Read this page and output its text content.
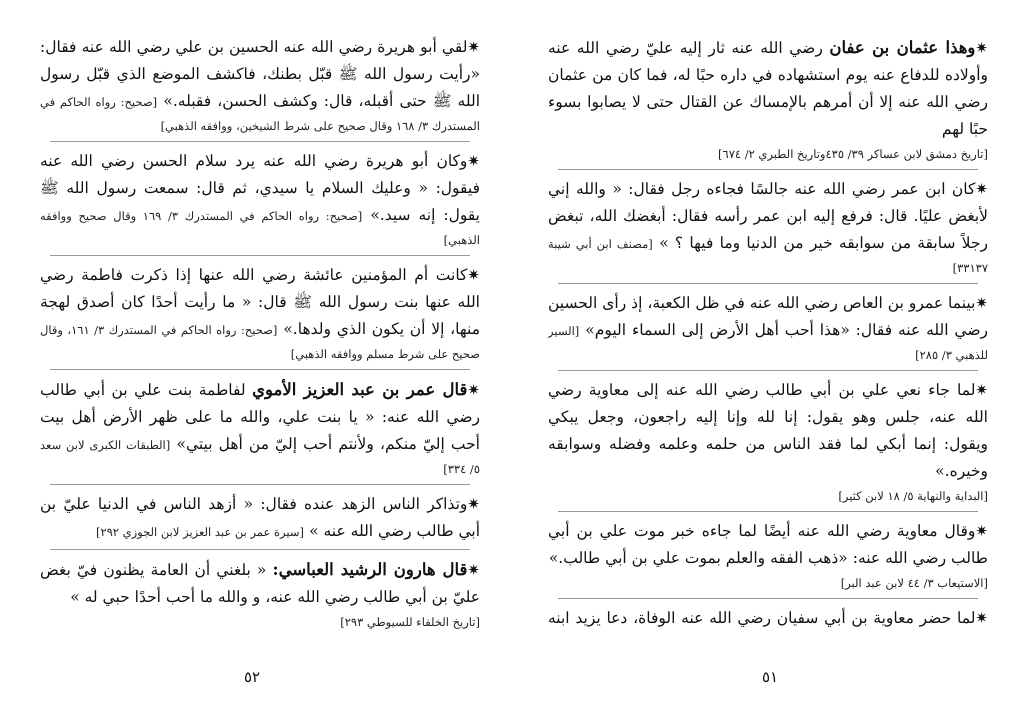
✷وهذا عثمان بن عفان رضي الله عنه ثار إليه عليّ رضي الله عنه وأولاده للدفاع عنه يوم استشهاده في داره حبًا له، فما كان من عثمان رضي الله عنه إلا أن أمرهم بالإمساك عن القتال حتى لا يصابوا بسوء حبًا لهم
[تاريخ دمشق لابن عساكر ٣٩/ ٤٣٥وتاريخ الطبري ٢/ ٦٧٤]
✷كان ابن عمر رضي الله عنه جالسًا فجاءه رجل فقال: « والله إني لأبغض عليًا. قال: فرفع إليه ابن عمر رأسه فقال: أبغضك الله، تبغض رجلاً سابقة من سوابقه خير من الدنيا وما فيها ؟ » [مصنف ابن أبي شيبة ٣٣١٣٧]
✷بينما عمرو بن العاص رضي الله عنه في ظل الكعبة، إذ رأى الحسين رضي الله عنه فقال: «هذا أحب أهل الأرض إلى السماء اليوم» [السير للذهبي ٣/ ٢٨٥]
✷لما جاء نعي علي بن أبي طالب رضي الله عنه إلى معاوية رضي الله عنه، جلس وهو يقول: إنا لله وإنا إليه راجعون، وجعل يبكي ويقول: إنما أبكي لما فقد الناس من حلمه وعلمه وفضله وسوابقه وخيره.»
[البداية والنهاية ٥/ ١٨ لابن كثير]
✷وقال معاوية رضي الله عنه أيضًا لما جاءه خبر موت علي بن أبي طالب رضي الله عنه: «ذهب الفقه والعلم بموت علي بن أبي طالب.»
[الاستيعاب ٣/ ٤٤ لابن عبد البر]
✷لما حضر معاوية بن أبي سفيان رضي الله عنه الوفاة، دعا يزيد ابنه
✷لقي أبو هريرة رضي الله عنه الحسين بن علي رضي الله عنه فقال: «رأيت رسول الله ﷺ قبّل بطنك، فاكشف الموضع الذي قبّل رسول الله ﷺ حتى أقبله، قال: وكشف الحسن، فقبله.» [صحيح: رواه الحاكم في المستدرك ٣/ ١٦٨ وقال صحيح على شرط الشيخين، ووافقه الذهبي]
✷وكان أبو هريرة رضي الله عنه يرد سلام الحسن رضي الله عنه فيقول: « وعليك السلام يا سيدي، ثم قال: سمعت رسول الله ﷺ يقول: إنه سيد.» [صحيح: رواه الحاكم في المستدرك ٣/ ١٦٩ وقال صحيح ووافقه الذهبي]
✷كانت أم المؤمنين عائشة رضي الله عنها إذا ذكرت فاطمة رضي الله عنها بنت رسول الله ﷺ قال: « ما رأيت أحدًا كان أصدق لهجة منها، إلا أن يكون الذي ولدها.» [صحيح: رواه الحاكم في المستدرك ٣/ ١٦١، وقال صحيح على شرط مسلم ووافقه الذهبي]
✷قال عمر بن عبد العزيز الأموي لفاطمة بنت علي بن أبي طالب رضي الله عنه: « يا بنت علي، والله ما على ظهر الأرض أهل بيت أحب إليّ منكم، ولأنتم أحب إليّ من أهل بيتي» [الطبقات الكبرى لابن سعد ٥/ ٣٣٤]
✷وتذاكر الناس الزهد عنده فقال: « أزهد الناس في الدنيا عليّ بن أبي طالب رضي الله عنه » [سيرة عمر بن عبد العزيز لابن الجوزي ٢٩٢]
✷قال هارون الرشيد العباسي: « بلغني أن العامة يظنون فيّ بغض عليّ بن أبي طالب رضي الله عنه، و والله ما أحب أحدًا حبي له »
[تاريخ الخلفاء للسيوطي ٢٩٣]
٥١
٥٢
